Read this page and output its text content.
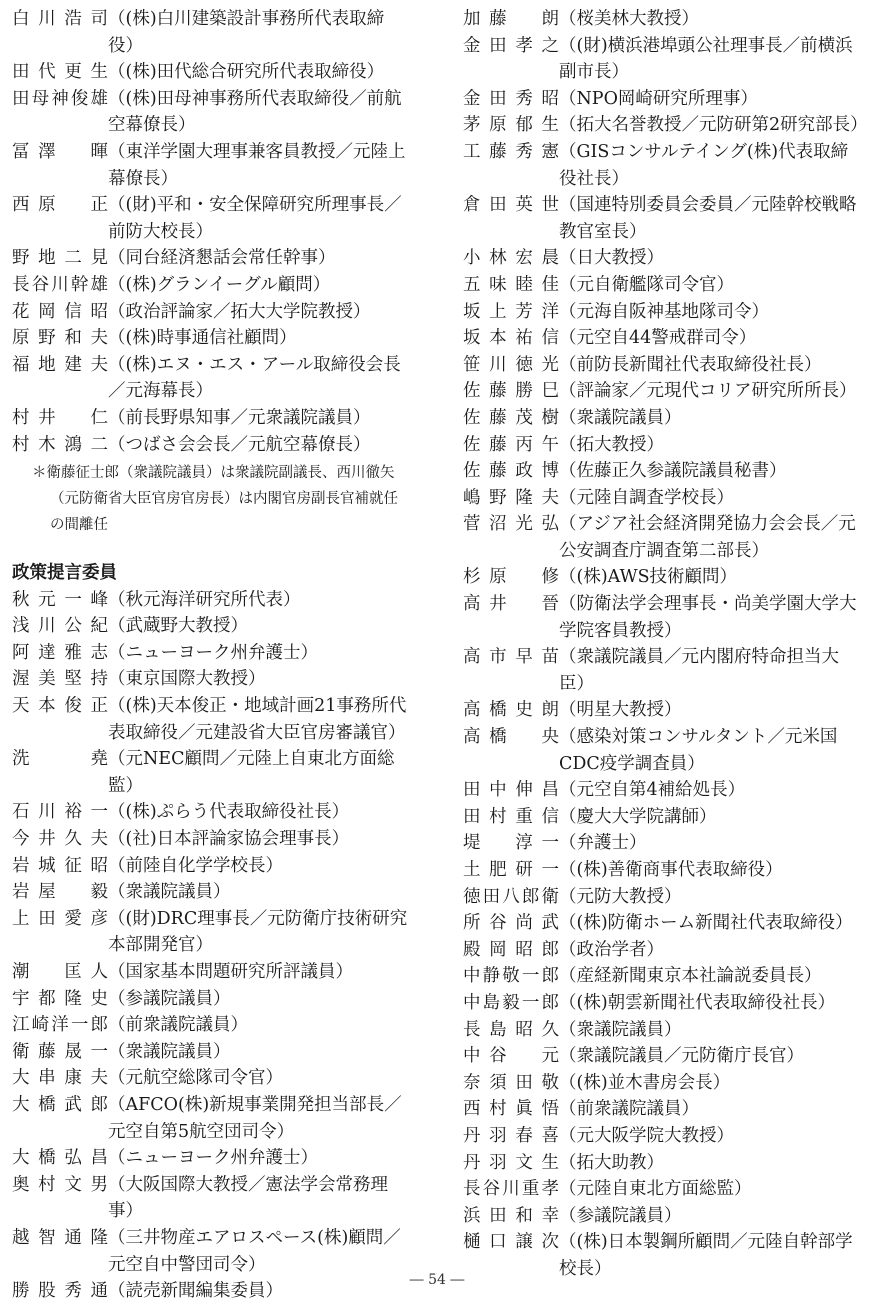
白川浩司 （(株)白川建築設計事務所代表取締役）
田代更生 （(株)田代総合研究所代表取締役）
田母神俊雄 （(株)田母神事務所代表取締役／前航空幕僚長）
冨澤　暉 （東洋学園大理事兼客員教授／元陸上幕僚長）
西原　正 （(財)平和・安全保障研究所理事長／前防大校長）
野地二見 （同台経済懇話会常任幹事）
長谷川幹雄 （(株)グランイーグル顧問）
花岡信昭 （政治評論家／拓大大学院教授）
原野和夫 （(株)時事通信社顧問）
福地建夫 （(株)エヌ・エス・アール取締役会長／元海幕長）
村井　仁 （前長野県知事／元衆議院議員）
村木鴻二 （つばさ会会長／元航空幕僚長）
＊衛藤征士郎（衆議院議員）は衆議院副議長、西川徹矢（元防衛省大臣官房官房長）は内閣官房副長官補就任の間離任
政策提言委員
秋元一峰 （秋元海洋研究所代表）
浅川公紀 （武蔵野大教授）
阿達雅志 （ニューヨーク州弁護士）
渥美堅持 （東京国際大教授）
天本俊正 （(株)天本俊正・地域計画21事務所代表取締役／元建設省大臣官房審議官）
洗　　堯 （元NEC顧問／元陸上自東北方面総監）
石川裕一 （(株)ぷらう代表取締役社長）
今井久夫 （(社)日本評論家協会理事長）
岩城征昭 （前陸自化学学校長）
岩屋　毅 （衆議院議員）
上田愛彦 （(財)DRC理事長／元防衛庁技術研究本部開発官）
潮　匡人 （国家基本問題研究所評議員）
宇都隆史 （参議院議員）
江崎洋一郎 （前衆議院議員）
衛藤晟一 （衆議院議員）
大串康夫 （元航空総隊司令官）
大橋武郎 （AFCO(株)新規事業開発担当部長／元空自第5航空団司令）
大橋弘昌 （ニューヨーク州弁護士）
奥村文男 （大阪国際大教授／憲法学会常務理事）
越智通隆 （三井物産エアロスペース(株)顧問／元空自中警団司令）
勝股秀通 （読売新聞編集委員）
加藤　朗 （桜美林大教授）
金田孝之 （(財)横浜港埠頭公社理事長／前横浜副市長）
金田秀昭 （NPO岡崎研究所理事）
茅原郁生 （拓大名誉教授／元防研第2研究部長）
工藤秀憲 （GISコンサルテイング(株)代表取締役社長）
倉田英世 （国連特別委員会委員／元陸幹校戦略教官室長）
小林宏晨 （日大教授）
五味睦佳 （元自衛艦隊司令官）
坂上芳洋 （元海自阪神基地隊司令）
坂本祐信 （元空自44警戒群司令）
笹川徳光 （前防長新聞社代表取締役社長）
佐藤勝巳 （評論家／元現代コリア研究所所長）
佐藤茂樹 （衆議院議員）
佐藤丙午 （拓大教授）
佐藤政博 （佐藤正久参議院議員秘書）
嶋野隆夫 （元陸自調査学校長）
菅沼光弘 （アジア社会経済開発協力会会長／元公安調査庁調査第二部長）
杉原　修 （(株)AWS技術顧問）
高井　晉 （防衛法学会理事長・尚美学園大学大学院客員教授）
高市早苗 （衆議院議員／元内閣府特命担当大臣）
高橋史朗 （明星大教授）
高橋　央 （感染対策コンサルタント／元米国CDC疫学調査員）
田中伸昌 （元空自第4補給処長）
田村重信 （慶大大学院講師）
堤　淳一 （弁護士）
土肥研一 （(株)善衛商事代表取締役）
徳田八郎衛 （元防大教授）
所谷尚武 （(株)防衛ホーム新聞社代表取締役）
殿岡昭郎 （政治学者）
中静敬一郎 （産経新聞東京本社論説委員長）
中島毅一郎 （(株)朝雲新聞社代表取締役社長）
長島昭久 （衆議院議員）
中谷　元 （衆議院議員／元防衛庁長官）
奈須田敬 （(株)並木書房会長）
西村眞悟 （前衆議院議員）
丹羽春喜 （元大阪学院大教授）
丹羽文生 （拓大助教）
長谷川重孝 （元陸自東北方面総監）
浜田和幸 （参議院議員）
樋口譲次 （(株)日本製鋼所顧問／元陸自幹部学校長）
― 54 ―
